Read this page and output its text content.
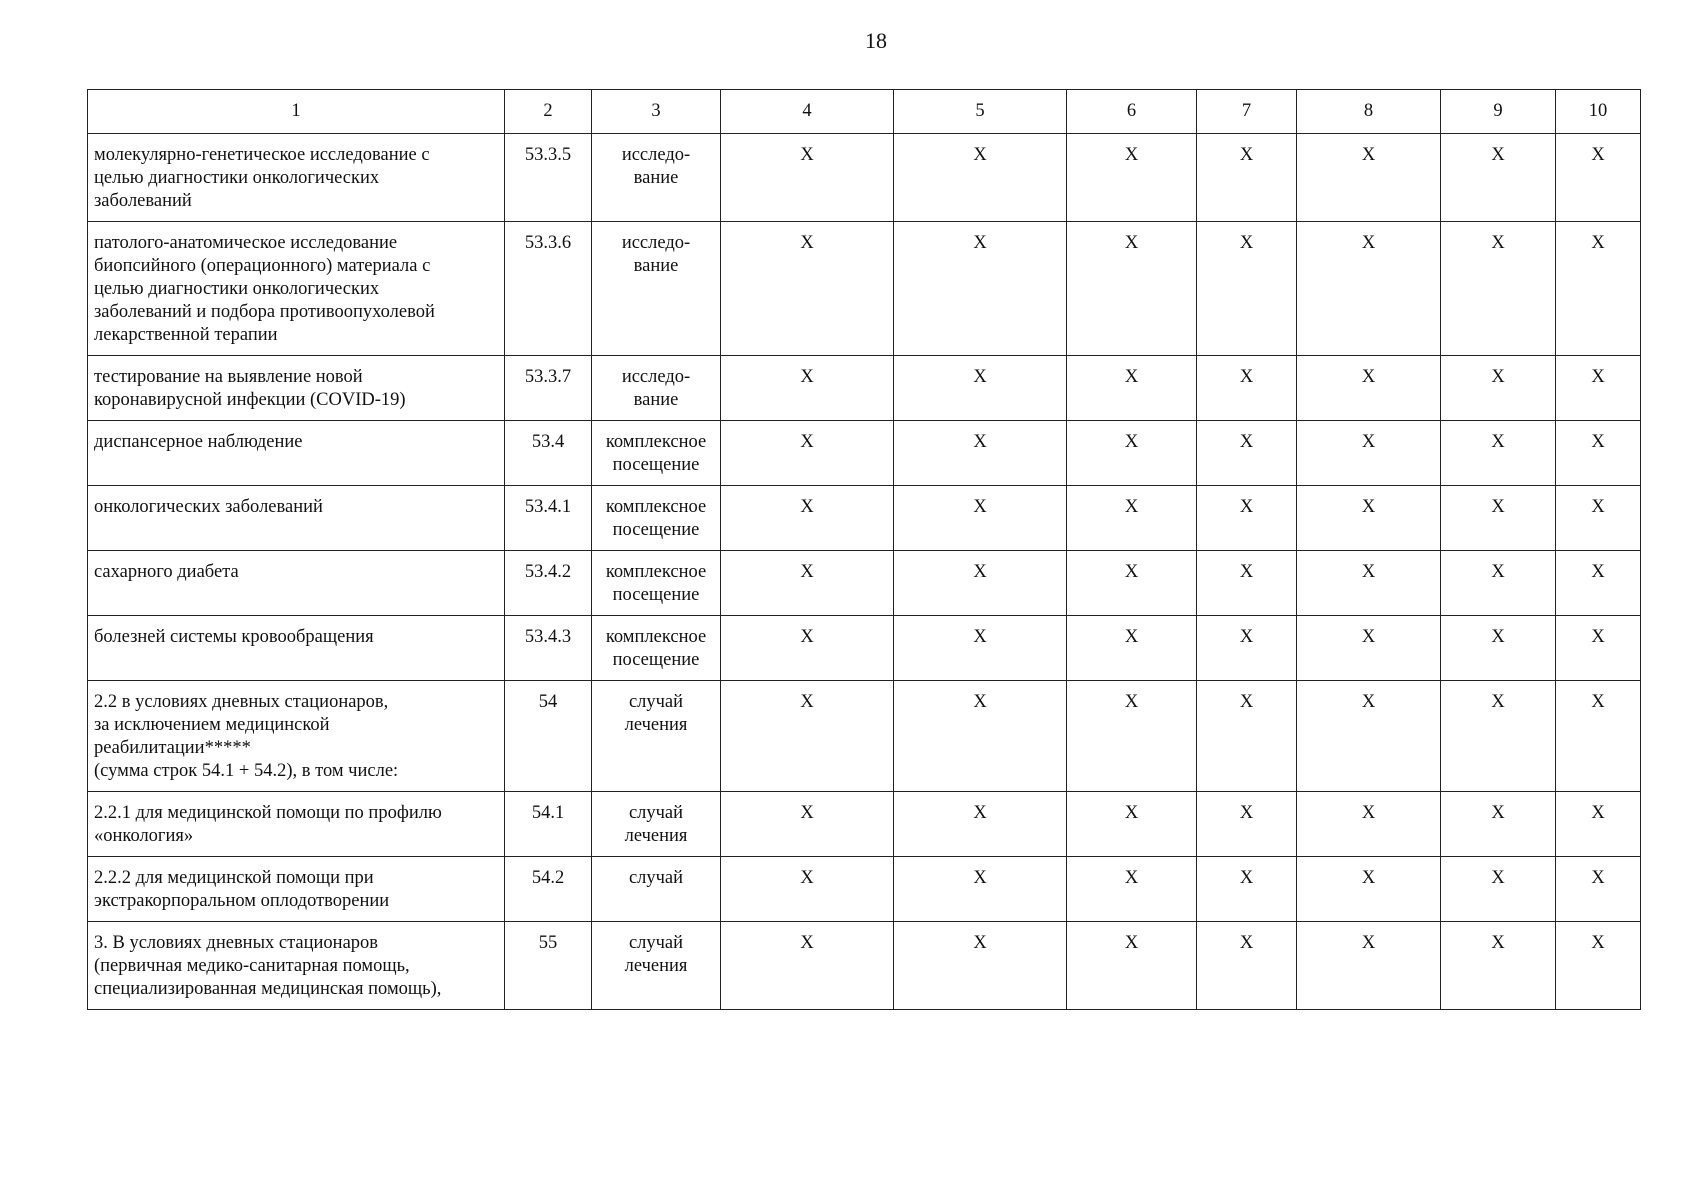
18
1	2	3	4	5	6	7	8	9	10
молекулярно-генетическое исследование с
целью диагностики онкологических
заболеваний	53.3.5	исследо-
вание	X	X	X	X	X	X	X
патолого-анатомическое исследование
биопсийного (операционного) материала с
целью диагностики онкологических
заболеваний и подбора противоопухолевой
лекарственной терапии	53.3.6	исследо-
вание	X	X	X	X	X	X	X
тестирование на выявление новой
коронавирусной инфекции (COVID-19)	53.3.7	исследо-
вание	X	X	X	X	X	X	X
диспансерное наблюдение	53.4	комплексное
посещение	X	X	X	X	X	X	X
онкологических заболеваний	53.4.1	комплексное
посещение	X	X	X	X	X	X	X
сахарного диабета	53.4.2	комплексное
посещение	X	X	X	X	X	X	X
болезней системы кровообращения	53.4.3	комплексное
посещение	X	X	X	X	X	X	X
2.2 в условиях дневных стационаров,
за исключением медицинской
реабилитации*****
(сумма строк 54.1 + 54.2), в том числе:	54	случай
лечения	X	X	X	X	X	X	X
2.2.1 для медицинской помощи по профилю
«онкология»	54.1	случай
лечения	X	X	X	X	X	X	X
2.2.2 для медицинской помощи при
экстракорпоральном оплодотворении	54.2	случай	X	X	X	X	X	X	X
3. В условиях дневных стационаров
(первичная медико-санитарная помощь,
специализированная медицинская помощь),	55	случай
лечения	X	X	X	X	X	X	X
